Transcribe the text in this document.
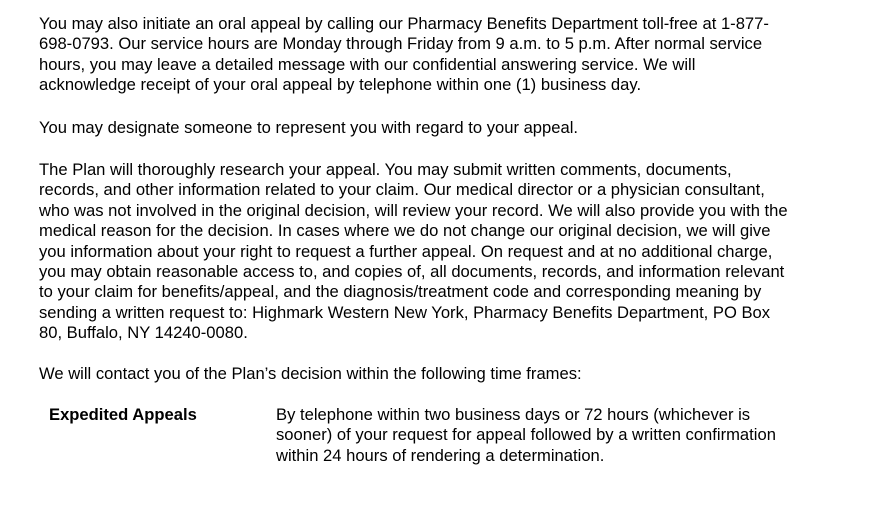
You may also initiate an oral appeal by calling our Pharmacy Benefits Department toll-free at 1-877-
698-0793. Our service hours are Monday through Friday from 9 a.m. to 5 p.m. After normal service
hours, you may leave a detailed message with our confidential answering service. We will
acknowledge receipt of your oral appeal by telephone within one (1) business day.

You may designate someone to represent you with regard to your appeal.

The Plan will thoroughly research your appeal. You may submit written comments, documents,
records, and other information related to your claim. Our medical director or a physician consultant,
who was not involved in the original decision, will review your record. We will also provide you with the
medical reason for the decision. In cases where we do not change our original decision, we will give
you information about your right to request a further appeal. On request and at no additional charge,
you may obtain reasonable access to, and copies of, all documents, records, and information relevant
to your claim for benefits/appeal, and the diagnosis/treatment code and corresponding meaning by
sending a written request to: Highmark Western New York, Pharmacy Benefits Department, PO Box
80, Buffalo, NY 14240-0080.

We will contact you of the Plan’s decision within the following time frames:

Expedited Appeals	By telephone within two business days or 72 hours (whichever is
sooner) of your request for appeal followed by a written confirmation
within 24 hours of rendering a determination.
